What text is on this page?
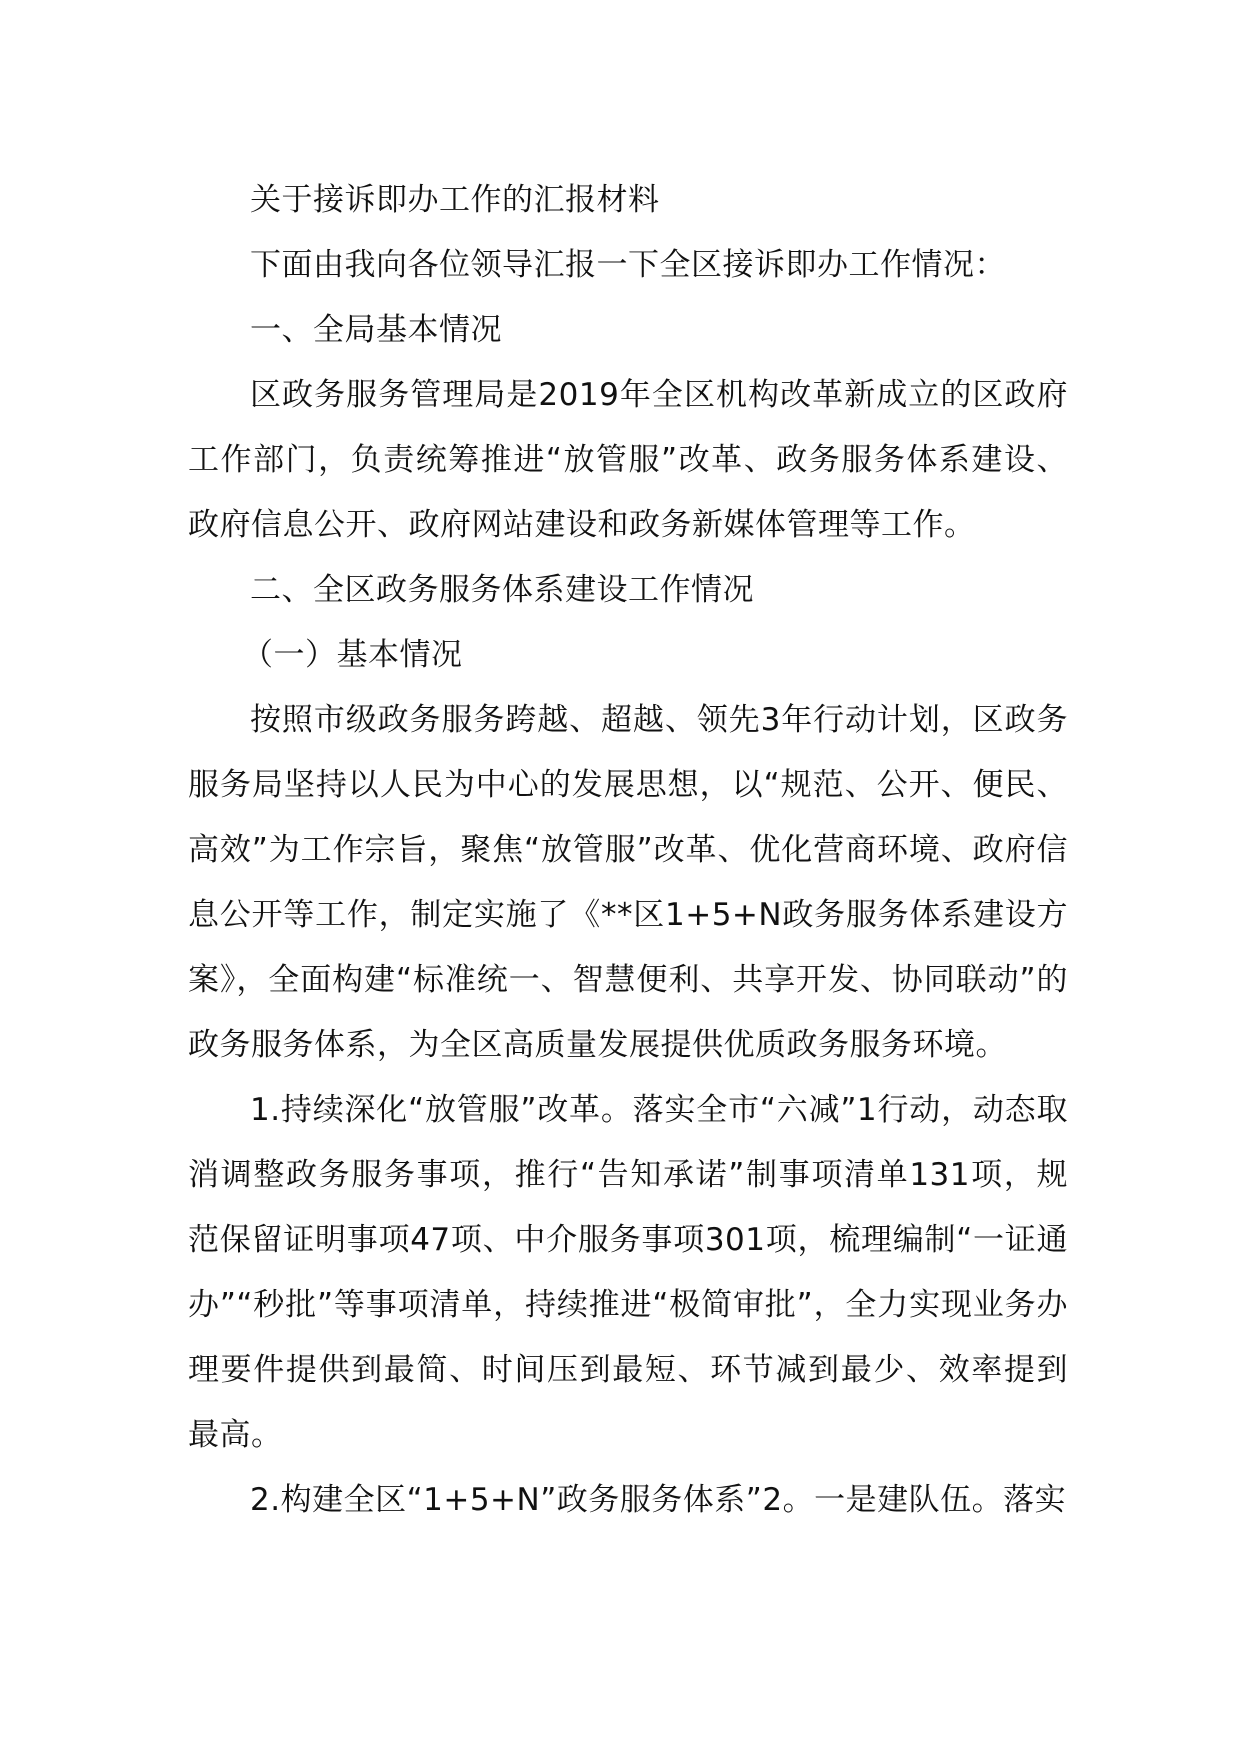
关于接诉即办工作的汇报材料

下面由我向各位领导汇报一下全区接诉即办工作情况：

一、全局基本情况

区政务服务管理局是2019年全区机构改革新成立的区政府工作部门，负责统筹推进“放管服”改革、政务服务体系建设、政府信息公开、政府网站建设和政务新媒体管理等工作。

二、全区政务服务体系建设工作情况

（一）基本情况

按照市级政务服务跨越、超越、领先3年行动计划，区政务服务局坚持以人民为中心的发展思想，以“规范、公开、便民、高效”为工作宗旨，聚焦“放管服”改革、优化营商环境、政府信息公开等工作，制定实施了《**区1+5+N政务服务体系建设方案》，全面构建“标准统一、智慧便利、共享开发、协同联动”的政务服务体系，为全区高质量发展提供优质政务服务环境。

1.持续深化“放管服”改革。落实全市“六减”1行动，动态取消调整政务服务事项，推行“告知承诺”制事项清单131项，规范保留证明事项47项、中介服务事项301项，梳理编制“一证通办”“秒批”等事项清单，持续推进“极简审批”，全力实现业务办理要件提供到最简、时间压到最短、环节减到最少、效率提到最高。

2.构建全区“1+5+N”政务服务体系”2。一是建队伍。落实
